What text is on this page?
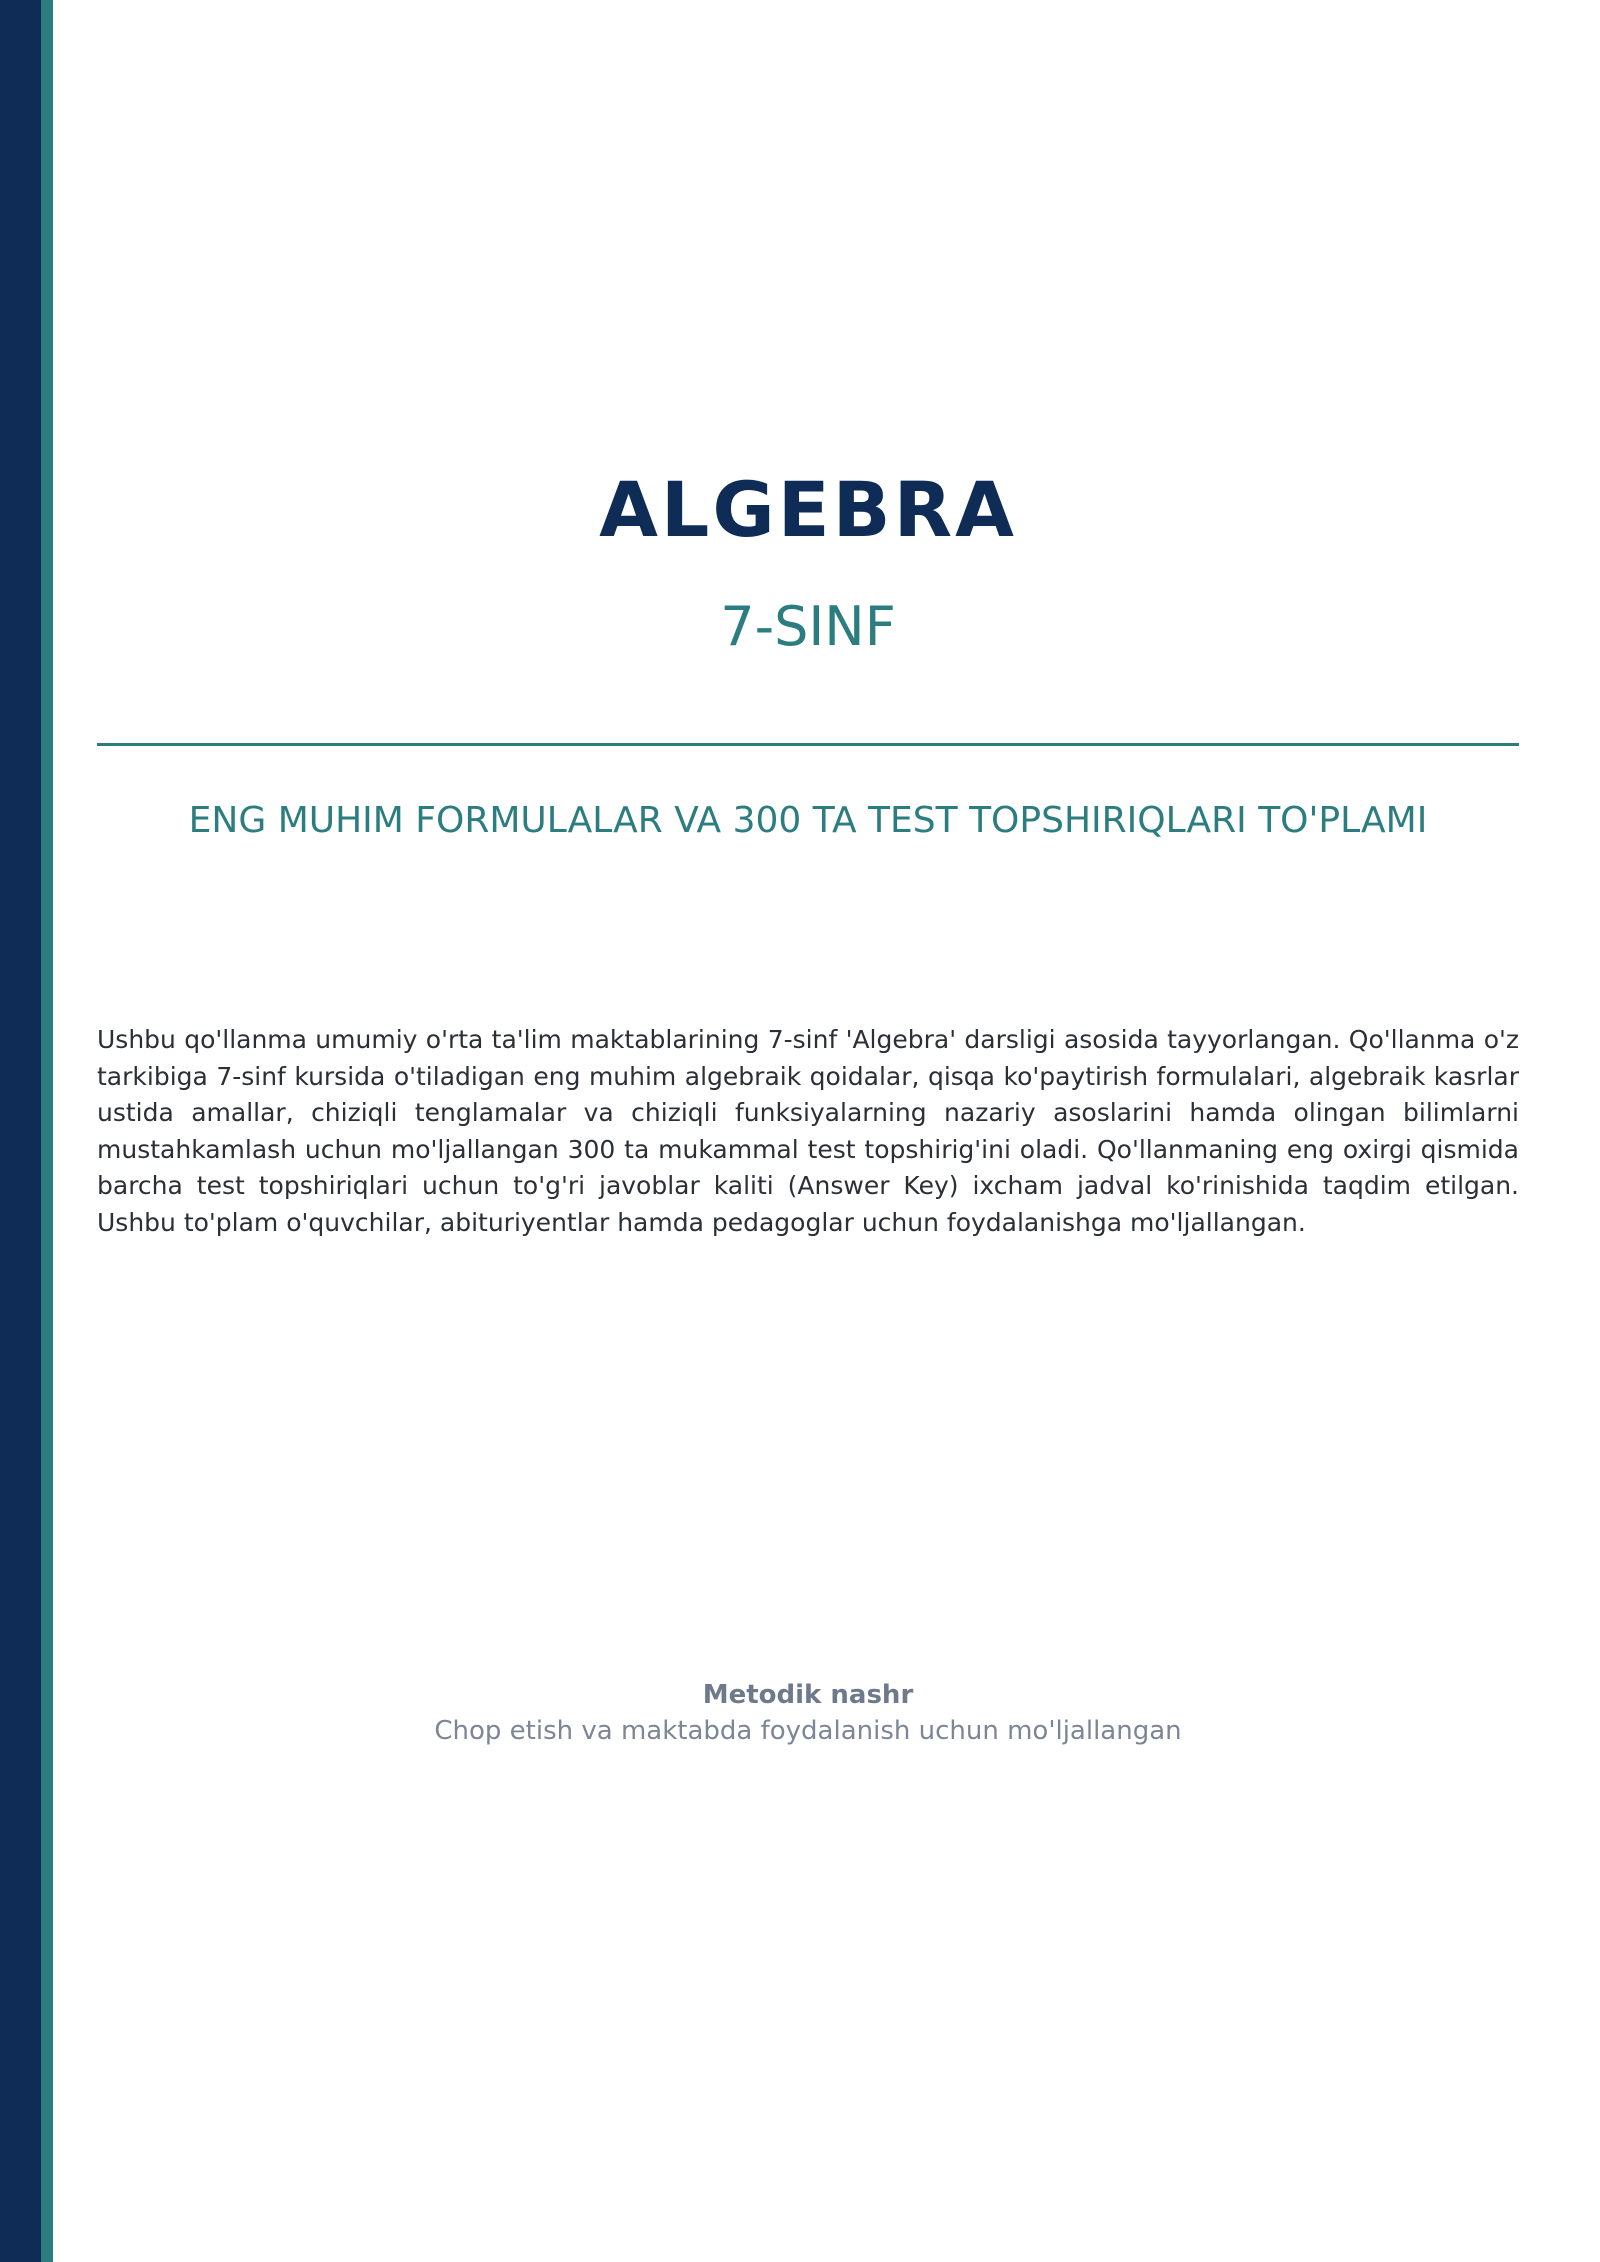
ALGEBRA
7-SINF
ENG MUHIM FORMULALAR VA 300 TA TEST TOPSHIRIQLARI TO'PLAMI

Ushbu qo'llanma umumiy o'rta ta'lim maktablarining 7-sinf 'Algebra' darsligi asosida tayyorlangan. Qo'llanma o'z tarkibiga 7-sinf kursida o'tiladigan eng muhim algebraik qoidalar, qisqa ko'paytirish formulalari, algebraik kasrlar ustida amallar, chiziqli tenglamalar va chiziqli funksiyalarning nazariy asoslarini hamda olingan bilimlarni mustahkamlash uchun mo'ljallangan 300 ta mukammal test topshirig'ini oladi. Qo'llanmaning eng oxirgi qismida barcha test topshiriqlari uchun to'g'ri javoblar kaliti (Answer Key) ixcham jadval ko'rinishida taqdim etilgan. Ushbu to'plam o'quvchilar, abituriyentlar hamda pedagoglar uchun foydalanishga mo'ljallangan.

Metodik nashr
Chop etish va maktabda foydalanish uchun mo'ljallangan
